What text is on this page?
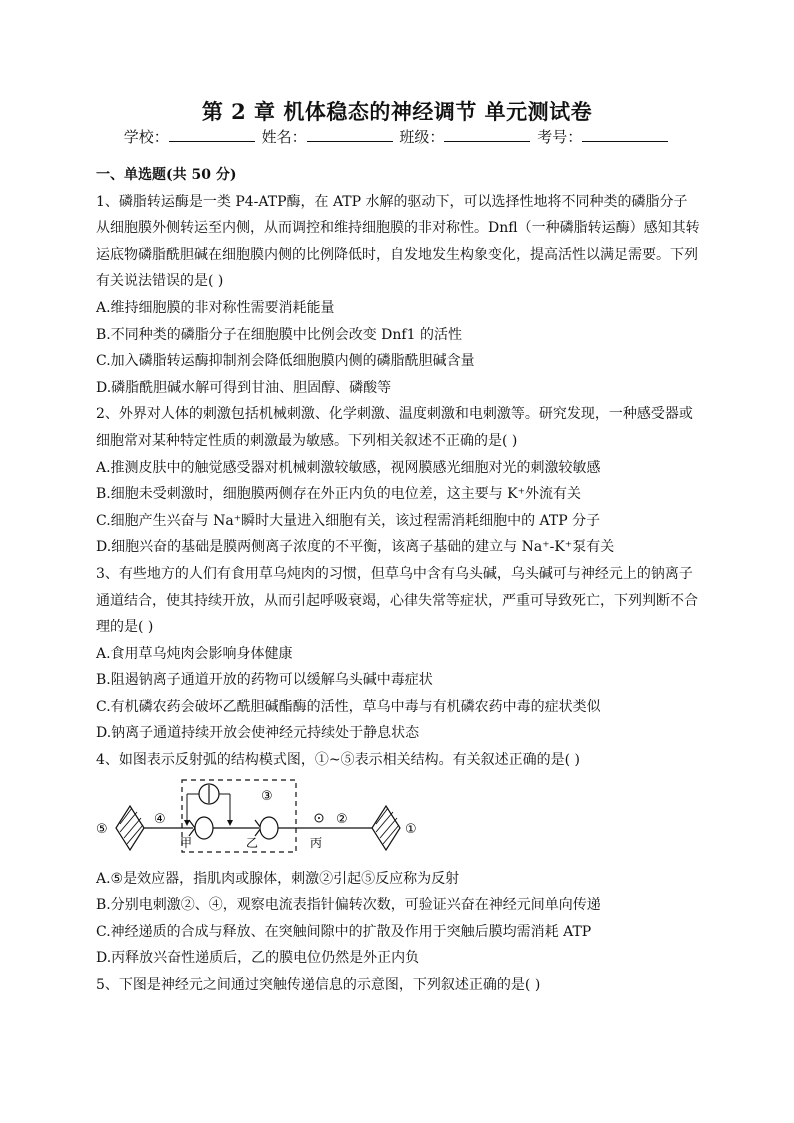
第 2 章 机体稳态的神经调节 单元测试卷
学校：	姓名：	班级：	考号：
一、单选题(共 50 分)

1、磷脂转运酶是一类 P4-ATP酶，在 ATP 水解的驱动下，可以选择性地将不同种类的磷脂分子从细胞膜外侧转运至内侧，从而调控和维持细胞膜的非对称性。Dnfl（一种磷脂转运酶）感知其转运底物磷脂酰胆碱在细胞膜内侧的比例降低时，自发地发生构象变化，提高活性以满足需要。下列有关说法错误的是( )

A.维持细胞膜的非对称性需要消耗能量

B.不同种类的磷脂分子在细胞膜中比例会改变 Dnf1 的活性

C.加入磷脂转运酶抑制剂会降低细胞膜内侧的磷脂酰胆碱含量

D.磷脂酰胆碱水解可得到甘油、胆固醇、磷酸等

2、外界对人体的刺激包括机械刺激、化学刺激、温度刺激和电刺激等。研究发现，一种感受器或细胞常对某种特定性质的刺激最为敏感。下列相关叙述不正确的是( )

A.推测皮肤中的触觉感受器对机械刺激较敏感，视网膜感光细胞对光的刺激较敏感

B.细胞未受刺激时，细胞膜两侧存在外正内负的电位差，这主要与 K⁺外流有关

C.细胞产生兴奋与 Na⁺瞬时大量进入细胞有关，该过程需消耗细胞中的 ATP 分子

D.细胞兴奋的基础是膜两侧离子浓度的不平衡，该离子基础的建立与 Na⁺-K⁺泵有关

3、有些地方的人们有食用草乌炖肉的习惯，但草乌中含有乌头碱，乌头碱可与神经元上的钠离子通道结合，使其持续开放，从而引起呼吸衰竭，心律失常等症状，严重可导致死亡，下列判断不合理的是( )

A.食用草乌炖肉会影响身体健康

B.阻遏钠离子通道开放的药物可以缓解乌头碱中毒症状

C.有机磷农药会破坏乙酰胆碱酯酶的活性，草乌中毒与有机磷农药中毒的症状类似

D.钠离子通道持续开放会使神经元持续处于静息状态

4、如图表示反射弧的结构模式图，①~⑤表示相关结构。有关叙述正确的是( )

⑤
④
③
②
①
甲	乙	丙

A.⑤是效应器，指肌肉或腺体，刺激②引起⑤反应称为反射

B.分别电刺激②、④，观察电流表指针偏转次数，可验证兴奋在神经元间单向传递

C.神经递质的合成与释放、在突触间隙中的扩散及作用于突触后膜均需消耗 ATP

D.丙释放兴奋性递质后，乙的膜电位仍然是外正内负

5、下图是神经元之间通过突触传递信息的示意图，下列叙述正确的是( )
